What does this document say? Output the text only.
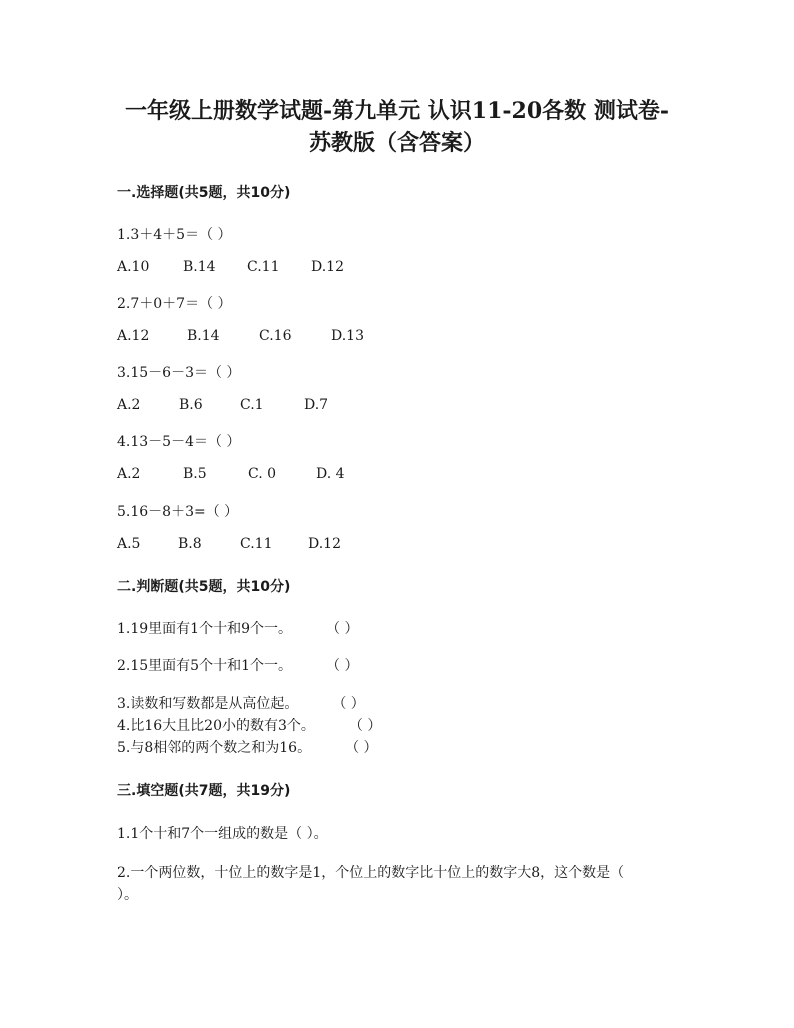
一年级上册数学试题-第九单元 认识11-20各数 测试卷-
苏教版（含答案）
一.选择题(共5题，共10分)
1.3＋4＋5＝（ ）
A.10 B.14 C.11 D.12
2.7＋0＋7＝（ ）
A.12	B.14	C.16	D.13
3.15－6－3＝（ ）
A.2	B.6	C.1	D.7
4.13－5－4＝（ ）
A.2	B.5	C. 0	D. 4
5.16－8＋3=（ ）
A.5	B.8	C.11	D.12
二.判断题(共5题，共10分)
1.19里面有1个十和9个一。 （ ）
2.15里面有5个十和1个一。 （ ）
3.读数和写数都是从高位起。 （ ）
4.比16大且比20小的数有3个。 （ ）
5.与8相邻的两个数之和为16。 （ ）
三.填空题(共7题，共19分)
1.1个十和7个一组成的数是（ ）。
2.一个两位数，十位上的数字是1，个位上的数字比十位上的数字大8，这个数是（
）。
